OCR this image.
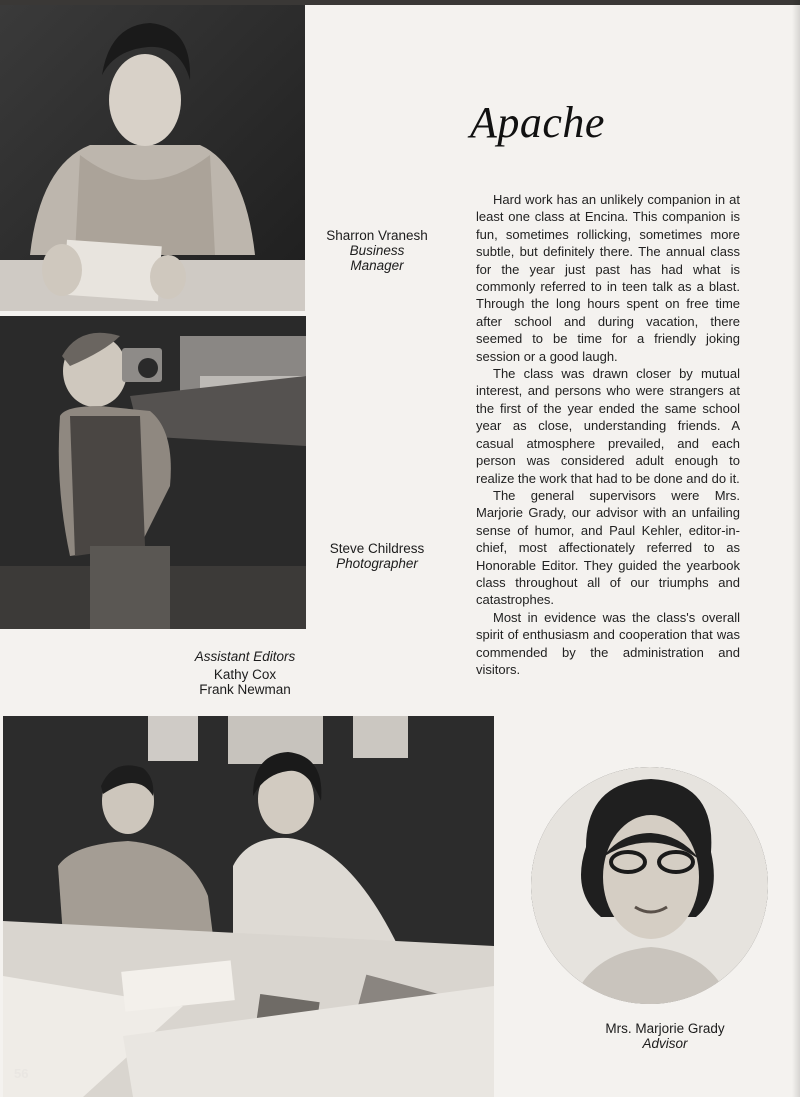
Sharron Vranesh
Business
Manager
Steve Childress
Photographer
Assistant Editors
Kathy Cox
Frank Newman
Mrs. Marjorie Grady
Advisor
Apache

Hard work has an unlikely companion in at least one class at Encina. This companion is fun, sometimes rollicking, sometimes more subtle, but definitely there. The annual class for the year just past has had what is commonly referred to in teen talk as a blast. Through the long hours spent on free time after school and during vacation, there seemed to be time for a friendly joking session or a good laugh.

The class was drawn closer by mutual interest, and persons who were strangers at the first of the year ended the same school year as close, understanding friends. A casual atmosphere prevailed, and each person was considered adult enough to realize the work that had to be done and do it.

The general supervisors were Mrs. Marjorie Grady, our advisor with an unfailing sense of humor, and Paul Kehler, editor-in-chief, most affectionately referred to as Honorable Editor. They guided the yearbook class throughout all of our triumphs and catastrophes.

Most in evidence was the class's overall spirit of enthusiasm and cooperation that was commended by the administration and visitors.

56
